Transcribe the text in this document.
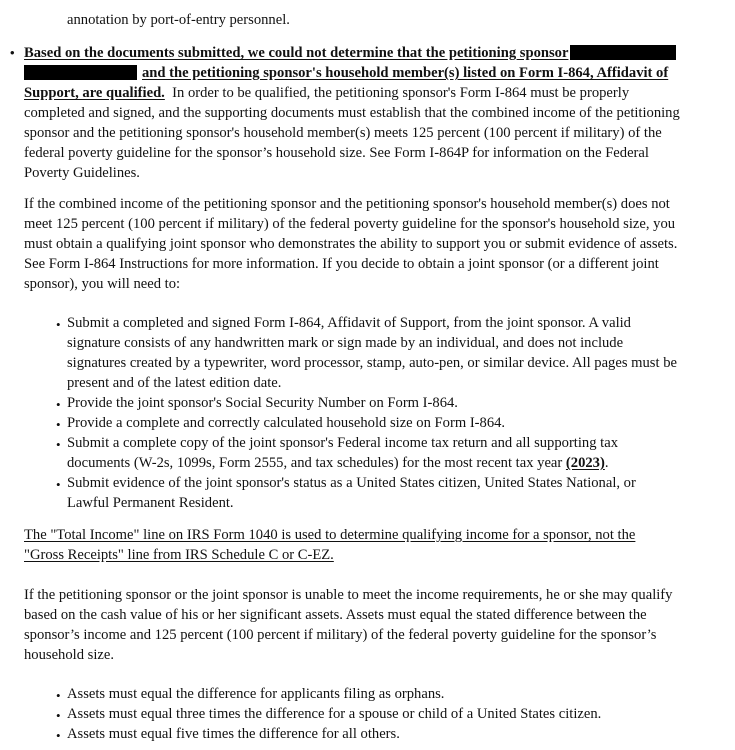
annotation by port-of-entry personnel.
• Based on the documents submitted, we could not determine that the petitioning sponsor
and the petitioning sponsor's household member(s) listed on Form I-864, Affidavit of
Support, are qualified. In order to be qualified, the petitioning sponsor's Form I-864 must be properly
completed and signed, and the supporting documents must establish that the combined income of the petitioning
sponsor and the petitioning sponsor's household member(s) meets 125 percent (100 percent if military) of the
federal poverty guideline for the sponsor’s household size. See Form I-864P for information on the Federal
Poverty Guidelines.
If the combined income of the petitioning sponsor and the petitioning sponsor's household member(s) does not
meet 125 percent (100 percent if military) of the federal poverty guideline for the sponsor's household size, you
must obtain a qualifying joint sponsor who demonstrates the ability to support you or submit evidence of assets.
See Form I-864 Instructions for more information. If you decide to obtain a joint sponsor (or a different joint
sponsor), you will need to:
• Submit a completed and signed Form I-864, Affidavit of Support, from the joint sponsor. A valid
signature consists of any handwritten mark or sign made by an individual, and does not include
signatures created by a typewriter, word processor, stamp, auto-pen, or similar device. All pages must be
present and of the latest edition date.
• Provide the joint sponsor's Social Security Number on Form I-864.
• Provide a complete and correctly calculated household size on Form I-864.
• Submit a complete copy of the joint sponsor's Federal income tax return and all supporting tax
documents (W-2s, 1099s, Form 2555, and tax schedules) for the most recent tax year (2023).
• Submit evidence of the joint sponsor's status as a United States citizen, United States National, or
Lawful Permanent Resident.
The "Total Income" line on IRS Form 1040 is used to determine qualifying income for a sponsor, not the
"Gross Receipts" line from IRS Schedule C or C-EZ.
If the petitioning sponsor or the joint sponsor is unable to meet the income requirements, he or she may qualify
based on the cash value of his or her significant assets. Assets must equal the stated difference between the
sponsor’s income and 125 percent (100 percent if military) of the federal poverty guideline for the sponsor’s
household size.
• Assets must equal the difference for applicants filing as orphans.
• Assets must equal three times the difference for a spouse or child of a United States citizen.
• Assets must equal five times the difference for all others.
